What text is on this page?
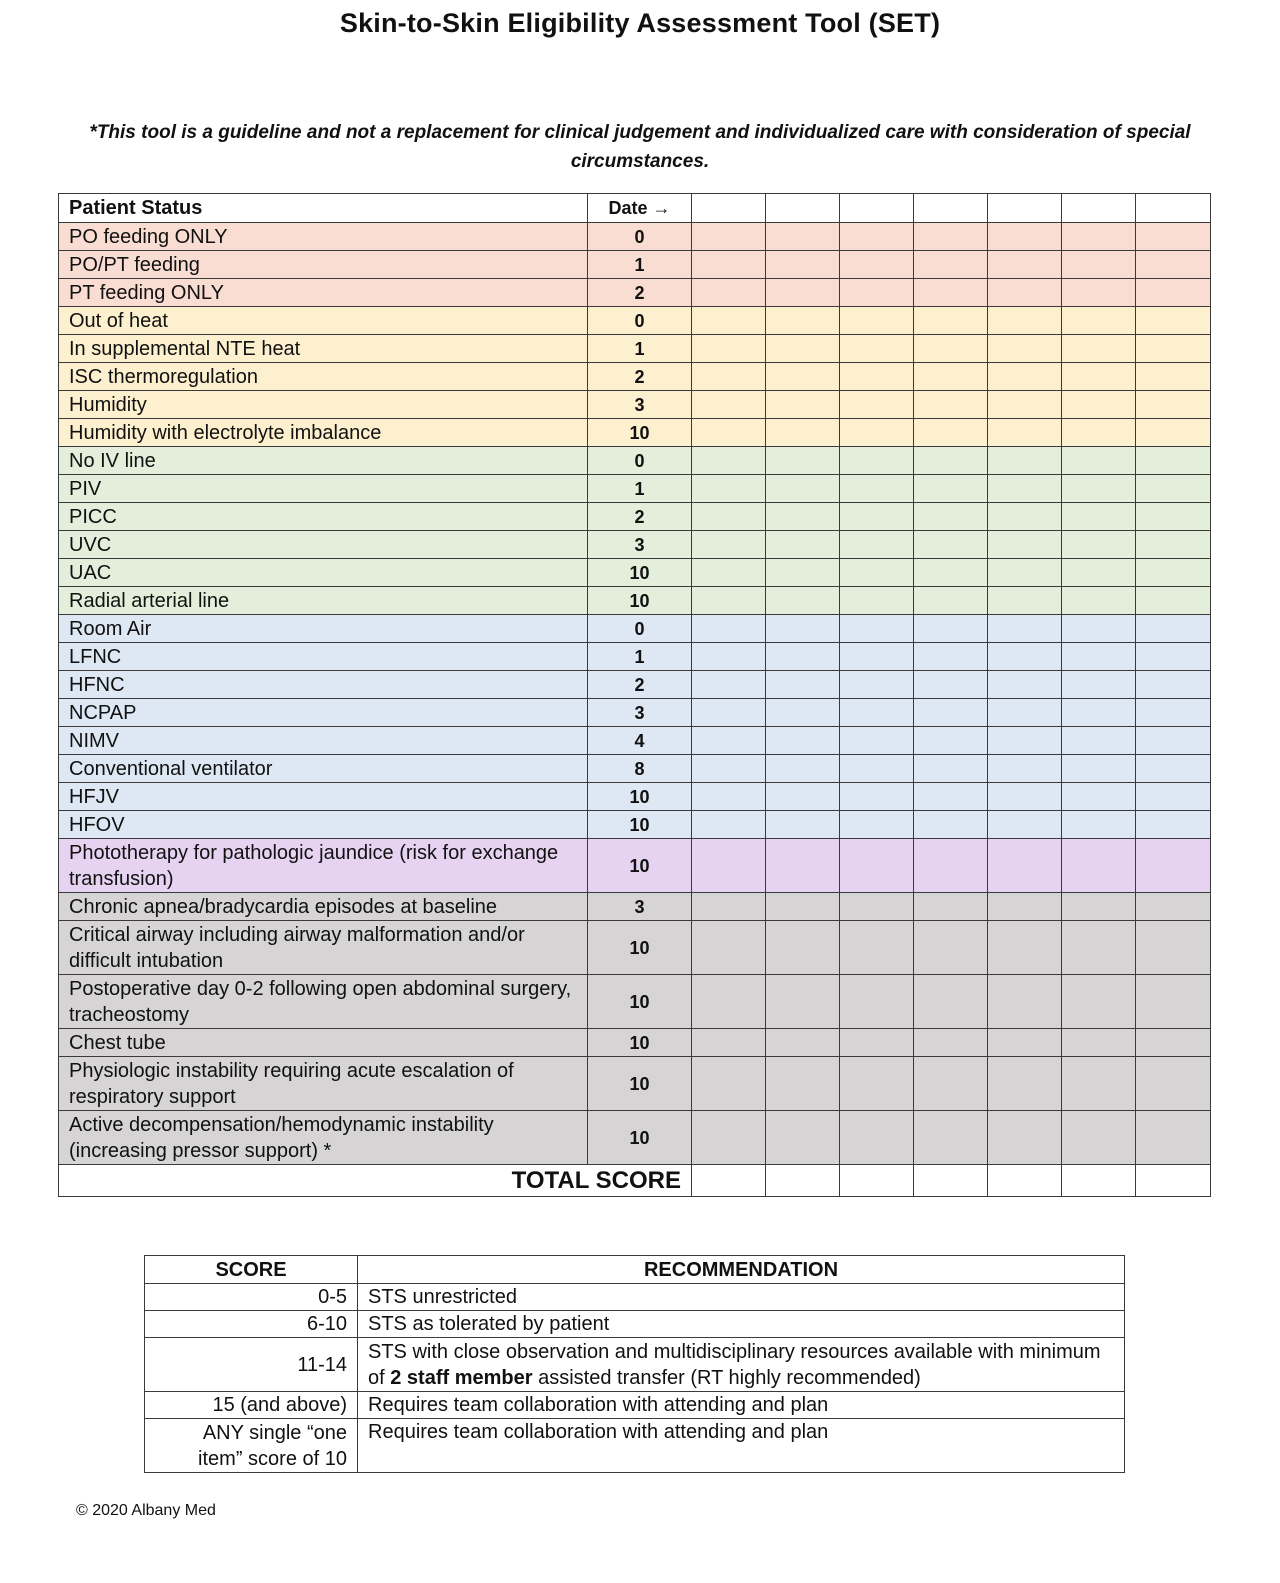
Skin-to-Skin Eligibility Assessment Tool (SET)
*This tool is a guideline and not a replacement for clinical judgement and individualized care with consideration of special circumstances.
Patient Status	Date →							
PO feeding ONLY	0							
PO/PT feeding	1							
PT feeding ONLY	2							
Out of heat	0							
In supplemental NTE heat	1							
ISC thermoregulation	2							
Humidity	3							
Humidity with electrolyte imbalance	10							
No IV line	0							
PIV	1							
PICC	2							
UVC	3							
UAC	10							
Radial arterial line	10							
Room Air	0							
LFNC	1							
HFNC	2							
NCPAP	3							
NIMV	4							
Conventional ventilator	8							
HFJV	10							
HFOV	10							
Phototherapy for pathologic jaundice (risk for exchange transfusion)	10							
Chronic apnea/bradycardia episodes at baseline	3							
Critical airway including airway malformation and/or difficult intubation	10							
Postoperative day 0-2 following open abdominal surgery, tracheostomy	10							
Chest tube	10							
Physiologic instability requiring acute escalation of respiratory support	10							
Active decompensation/hemodynamic instability (increasing pressor support) *	10							
TOTAL SCORE								
SCORE	RECOMMENDATION
0-5	STS unrestricted
6-10	STS as tolerated by patient
11-14	STS with close observation and multidisciplinary resources available with minimum of 2 staff member assisted transfer (RT highly recommended)
15 (and above)	Requires team collaboration with attending and plan
ANY single “one item” score of 10	Requires team collaboration with attending and plan
© 2020 Albany Med
